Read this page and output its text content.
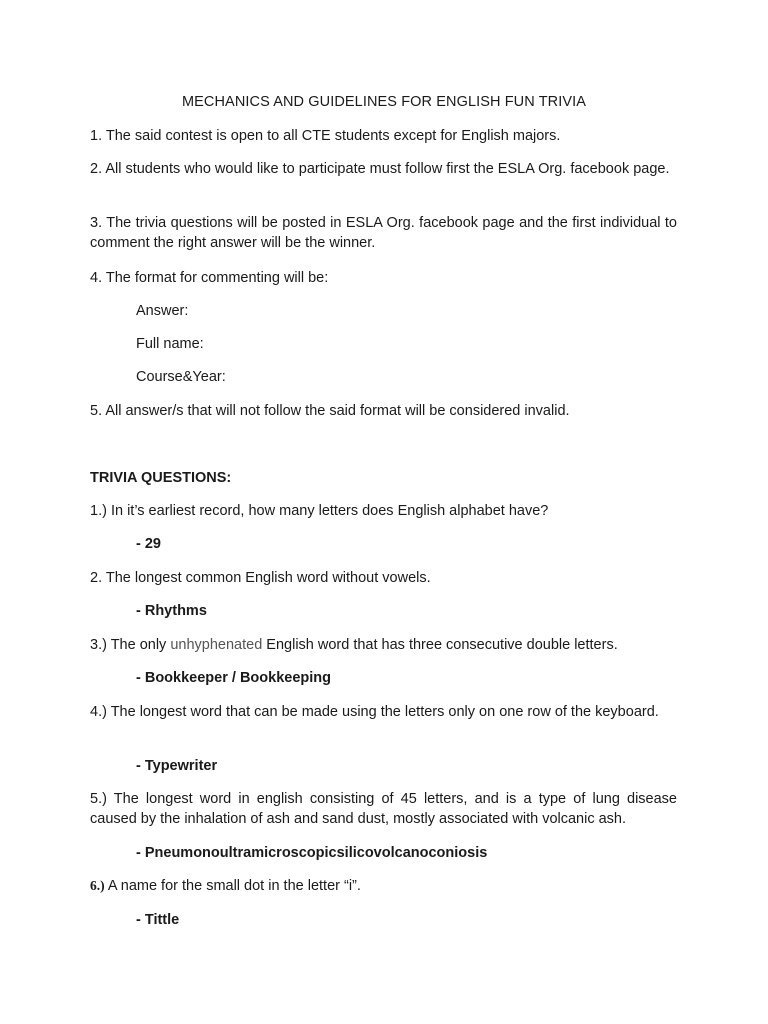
MECHANICS AND GUIDELINES FOR ENGLISH FUN TRIVIA
1. The said contest is open to all CTE students except for English majors.
2. All students who would like to participate must follow first the ESLA Org. facebook page.
3. The trivia questions will be posted in ESLA Org. facebook page and the first individual to comment the right answer will be the winner.
4. The format for commenting will be:
Answer:
Full name:
Course&Year:
5. All answer/s that will not follow the said format will be considered invalid.
TRIVIA QUESTIONS:
1.) In it’s earliest record, how many letters does English alphabet have?
- 29
2. The longest common English word without vowels.
- Rhythms
3.) The only unhyphenated English word that has three consecutive double letters.
- Bookkeeper / Bookkeeping
4.) The longest word that can be made using the letters only on one row of the keyboard.
- Typewriter
5.) The longest word in english consisting of 45 letters, and is a type of lung disease caused by the inhalation of ash and sand dust, mostly associated with volcanic ash.
- Pneumonoultramicroscopicsilicovolcanoconiosis
6.) A name for the small dot in the letter “i”.
- Tittle
